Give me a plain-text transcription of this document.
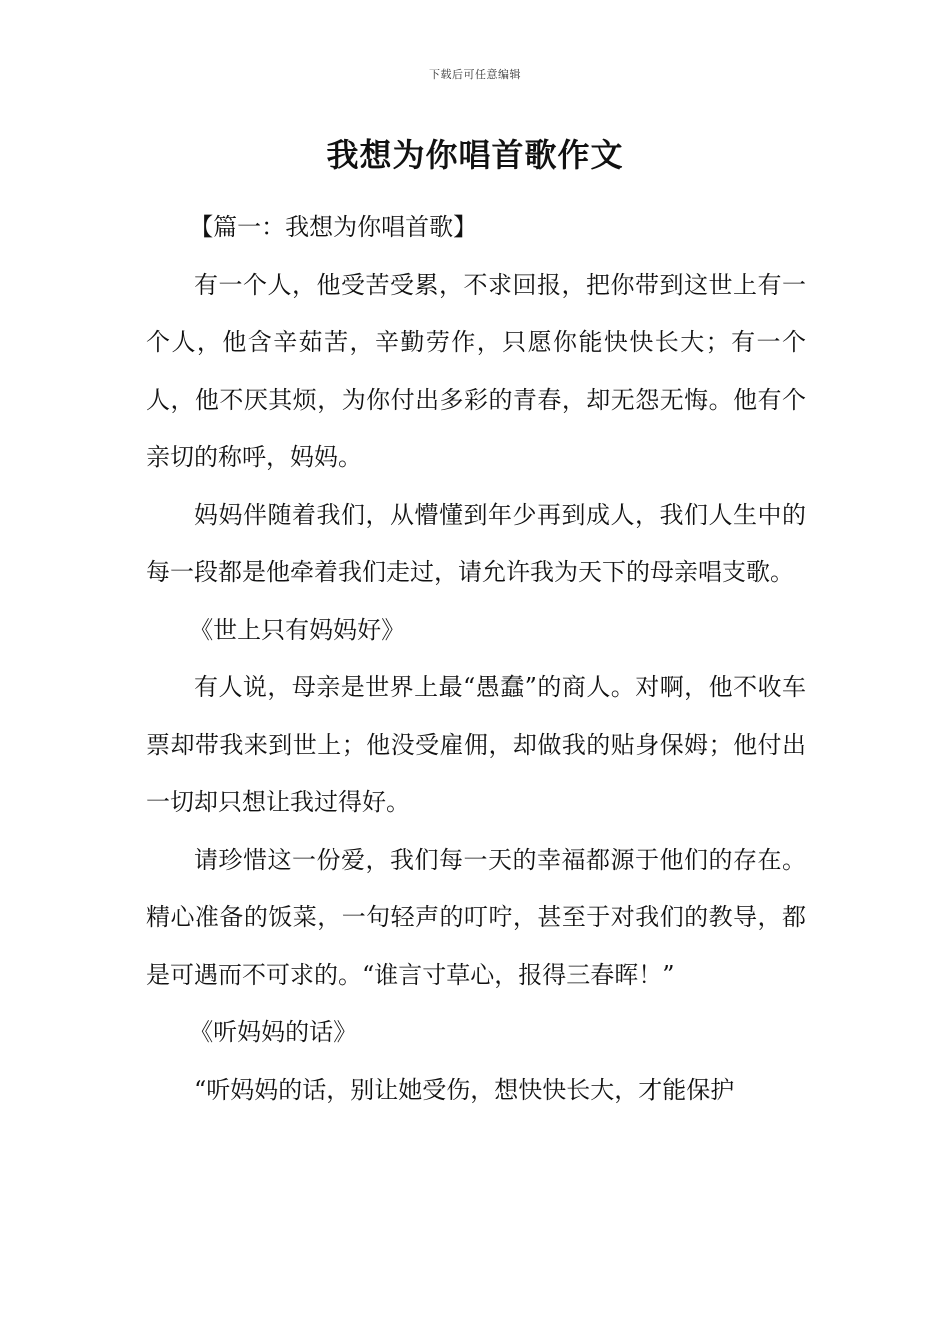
下载后可任意编辑
我想为你唱首歌作文

【篇一：我想为你唱首歌】

有一个人，他受苦受累，不求回报，把你带到这世上有一个人，他含辛茹苦，辛勤劳作，只愿你能快快长大；有一个人，他不厌其烦，为你付出多彩的青春，却无怨无悔。他有个亲切的称呼，妈妈。

妈妈伴随着我们，从懵懂到年少再到成人，我们人生中的每一段都是他牵着我们走过，请允许我为天下的母亲唱支歌。

《世上只有妈妈好》

有人说，母亲是世界上最“愚蠢”的商人。对啊，他不收车票却带我来到世上；他没受雇佣，却做我的贴身保姆；他付出一切却只想让我过得好。

请珍惜这一份爱，我们每一天的幸福都源于他们的存在。精心准备的饭菜，一句轻声的叮咛，甚至于对我们的教导，都是可遇而不可求的。“谁言寸草心，报得三春晖！”

《听妈妈的话》

“听妈妈的话，别让她受伤，想快快长大，才能保护
